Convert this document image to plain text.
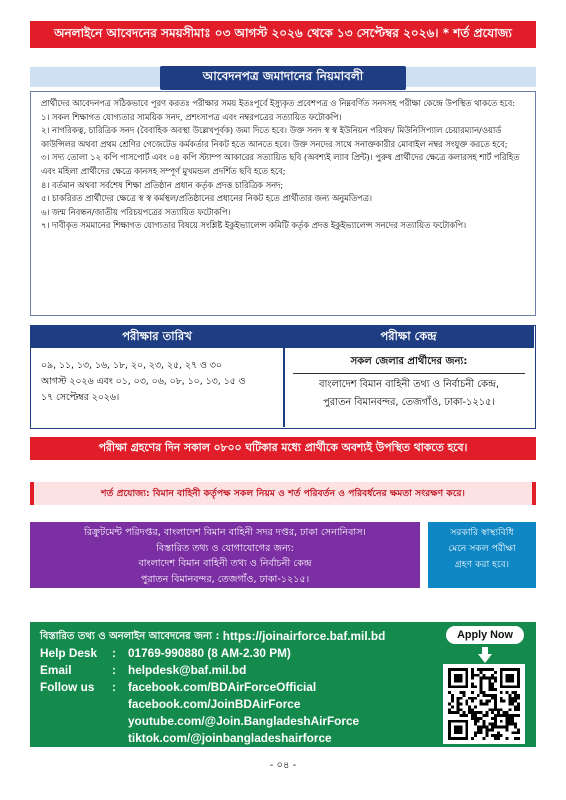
অনলাইনে আবেদনের সময়সীমাঃ ০৩ আগস্ট ২০২৬ থেকে ১৩ সেপ্টেম্বর ২০২৬। * শর্ত প্রযোজ্য
আবেদনপত্র জমাদানের নিয়মাবলী

প্রার্থীদের আবেদনপত্র সঠিকভাবে পূরণ করতঃ পরীক্ষার সময় ইতঃপূর্বে ইস্যুকৃত প্রবেশপত্র ও নিম্নবর্ণিত সনদসহ পরীক্ষা কেন্দ্রে উপস্থিত থাকতে হবে:

১। সকল শিক্ষাগত যোগ্যতার সাময়িক সনদ, প্রশংসাপত্র এবং নম্বরপত্রের সত্যায়িত ফটোকপি।

২। নাগরিকত্ব, চারিত্রিক সনদ (বৈবাহিক অবস্থা উল্লেখপূর্বক) জমা দিতে হবে। উক্ত সনদ স্ব স্ব ইউনিয়ন পরিষদ/ মিউনিসিপ্যাল চেয়ারম্যান/ওয়ার্ড কাউন্সিলর অথবা প্রথম শ্রেণির গেজেটেড কর্মকর্তার নিকট হতে আনতে হবে। উক্ত সনদের সাথে সনাক্তকারীর মোবাইল নম্বর সংযুক্ত করতে হবে;

৩। সদ্য তোলা ১২ কপি পাসপোর্ট এবং ০৪ কপি স্ট্যাম্প আকারের সত্যায়িত ছবি (অবশ্যই ল্যাব প্রিন্ট)। পুরুষ প্রার্থীদের ক্ষেত্রে কলারসহ শার্ট পরিহিত এবং মহিলা প্রার্থীদের ক্ষেত্রে কানসহ সম্পূর্ণ মুখমন্ডল প্রদর্শিত ছবি হতে হবে;

৪। বর্তমান অথবা সর্বশেষ শিক্ষা প্রতিষ্ঠান প্রধান কর্তৃক প্রদত্ত চারিত্রিক সনদ;

৫। চাকরিরত প্রার্থীদের ক্ষেত্রে স্ব স্ব কর্মস্থল/প্রতিষ্ঠানের প্রধানের নিকট হতে প্রার্থীতার জন্য অনুমতিপত্র।

৬। জন্ম নিবন্ধন/জাতীয় পরিচয়পত্রের সত্যায়িত ফটোকপি।

৭। দাবীকৃত সমমানের শিক্ষাগত যোগ্যতার বিষয়ে সংশ্লিষ্ট ইকুইভ্যালেন্স কমিটি কর্তৃক প্রদত্ত ইকুইভ্যালেন্স সনদের সত্যায়িত ফটোকপি।

পরীক্ষার তারিখ	পরীক্ষা কেন্দ্র
০৯, ১১, ১৩, ১৬, ১৮, ২০, ২৩, ২৫, ২৭ ও ৩০
আগস্ট ২০২৬ এবং ০১, ০৩, ০৬, ০৮, ১০, ১৩, ১৫ ও
১৭ সেপ্টেম্বর ২০২৬।
সকল জেলার প্রার্থীদের জন্য:
বাংলাদেশ বিমান বাহিনী তথ্য ও নির্বাচনী কেন্দ্র,
পুরাতন বিমানবন্দর, তেজগাঁও, ঢাকা-১২১৫।
পরীক্ষা গ্রহণের দিন সকাল ০৮০০ ঘটিকার মধ্যে প্রার্থীকে অবশ্যই উপস্থিত থাকতে হবে।
শর্ত প্রযোজ্য: বিমান বাহিনী কর্তৃপক্ষ সকল নিয়ম ও শর্ত পরিবর্তন ও পরিবর্ধনের ক্ষমতা সংরক্ষণ করে।
রিক্রুটমেন্ট পরিদপ্তর, বাংলাদেশ বিমান বাহিনী সদর দপ্তর, ঢাকা সেনানিবাস।
বিস্তারিত তথ্য ও যোগাযোগের জন্য:
বাংলাদেশ বিমান বাহিনী তথ্য ও নির্বাচনী কেন্দ্র
পুরাতন বিমানবন্দর, তেজগাঁও, ঢাকা-১২১৫।
সরকারি স্বাস্থ্যবিধি
মেনে সকল পরীক্ষা
গ্রহণ করা হবে।
বিস্তারিত তথ্য ও অনলাইন আবেদনের জন্য :
https://joinairforce.baf.mil.bd
Help Desk	:	01769-990880 (8 AM-2.30 PM)
Email	:	helpdesk@baf.mil.bd
Follow us	:	facebook.com/BDAirForceOfficial
facebook.com/JoinBDAirForce
youtube.com/@Join.BangladeshAirForce
tiktok.com/@joinbangladeshairforce
Apply Now
- ০৪ -
